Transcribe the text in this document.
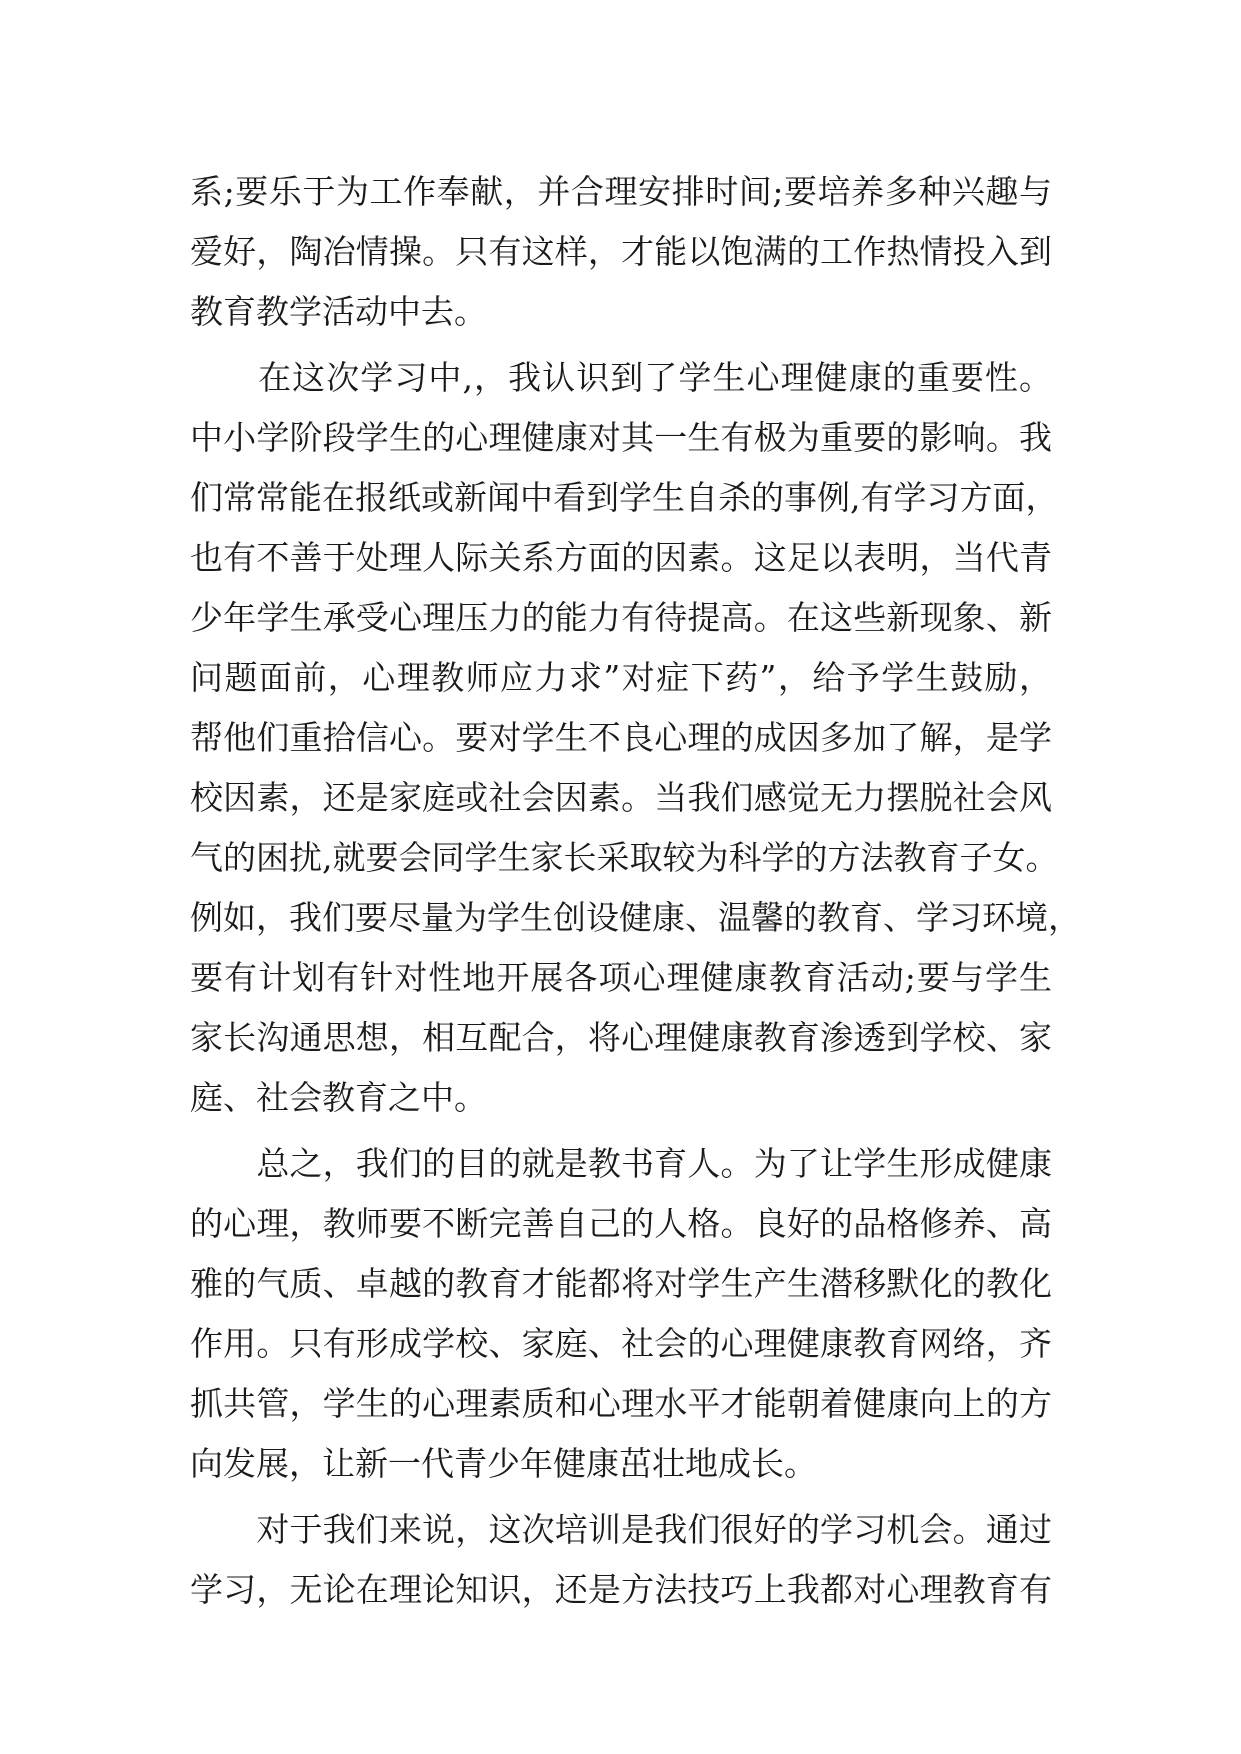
系;要乐于为工作奉献，并合理安排时间;要培养多种兴趣与
爱好，陶冶情操。只有这样，才能以饱满的工作热情投入到
教育教学活动中去。
　　在这次学习中,，我认识到了学生心理健康的重要性。
中小学阶段学生的心理健康对其一生有极为重要的影响。我
们常常能在报纸或新闻中看到学生自杀的事例,有学习方面，
也有不善于处理人际关系方面的因素。这足以表明，当代青
少年学生承受心理压力的能力有待提高。在这些新现象、新
问题面前，心理教师应力求”对症下药”，给予学生鼓励，
帮他们重拾信心。要对学生不良心理的成因多加了解，是学
校因素，还是家庭或社会因素。当我们感觉无力摆脱社会风
气的困扰,就要会同学生家长采取较为科学的方法教育子女。
例如，我们要尽量为学生创设健康、温馨的教育、学习环境，
要有计划有针对性地开展各项心理健康教育活动;要与学生
家长沟通思想，相互配合，将心理健康教育渗透到学校、家
庭、社会教育之中。
　　总之，我们的目的就是教书育人。为了让学生形成健康
的心理，教师要不断完善自己的人格。良好的品格修养、高
雅的气质、卓越的教育才能都将对学生产生潜移默化的教化
作用。只有形成学校、家庭、社会的心理健康教育网络，齐
抓共管，学生的心理素质和心理水平才能朝着健康向上的方
向发展，让新一代青少年健康茁壮地成长。
　　对于我们来说，这次培训是我们很好的学习机会。通过
学习，无论在理论知识，还是方法技巧上我都对心理教育有
